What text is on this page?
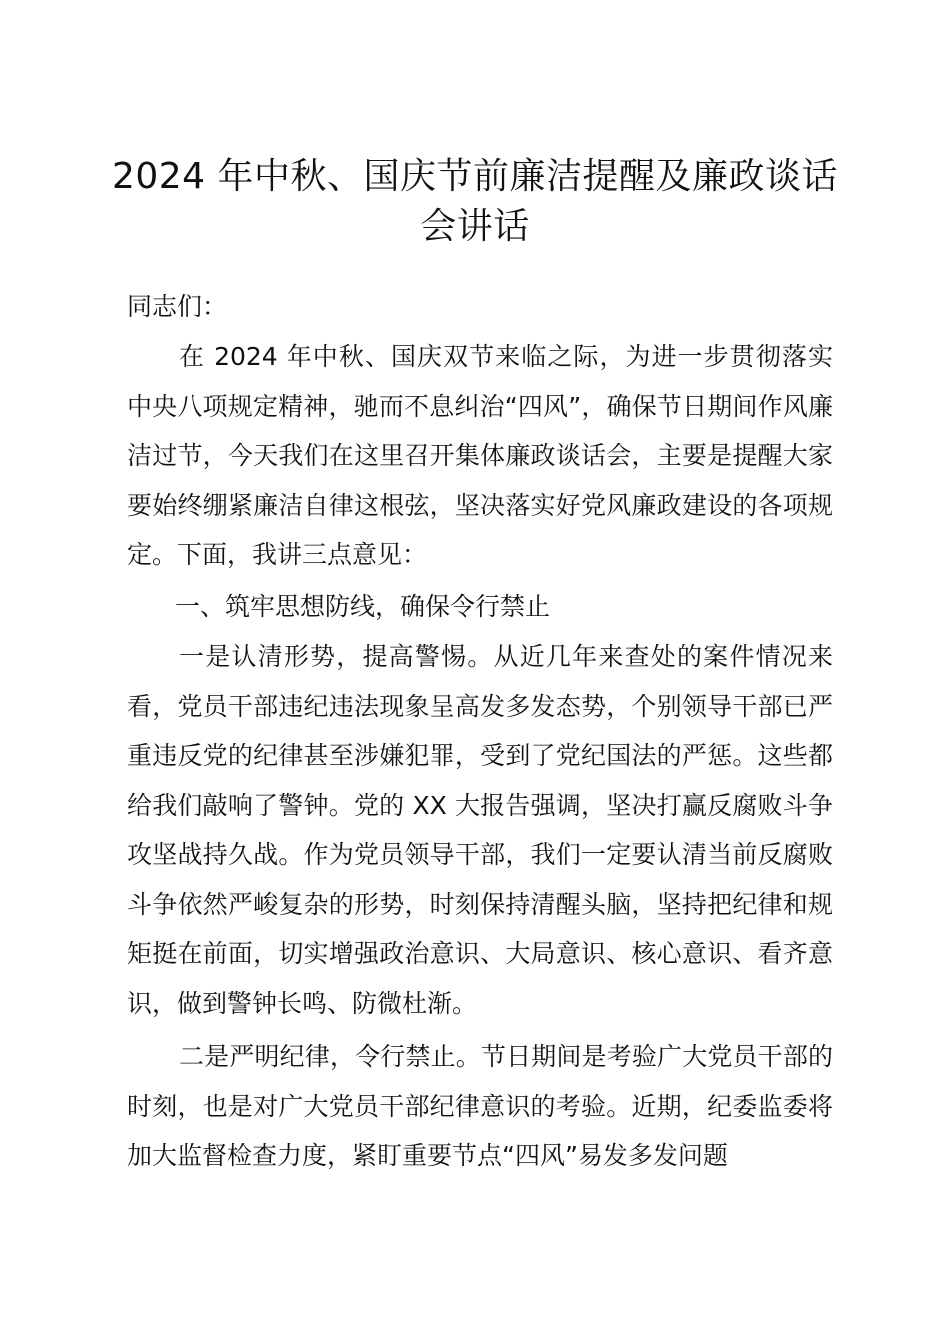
2024 年中秋、国庆节前廉洁提醒及廉政谈话会讲话

同志们：

在 2024 年中秋、国庆双节来临之际，为进一步贯彻落实中央八项规定精神，驰而不息纠治“四风”，确保节日期间作风廉洁过节，今天我们在这里召开集体廉政谈话会，主要是提醒大家要始终绷紧廉洁自律这根弦，坚决落实好党风廉政建设的各项规定。下面，我讲三点意见：

一、筑牢思想防线，确保令行禁止

一是认清形势，提高警惕。从近几年来查处的案件情况来看，党员干部违纪违法现象呈高发多发态势，个别领导干部已严重违反党的纪律甚至涉嫌犯罪，受到了党纪国法的严惩。这些都给我们敲响了警钟。党的 XX 大报告强调，坚决打赢反腐败斗争攻坚战持久战。作为党员领导干部，我们一定要认清当前反腐败斗争依然严峻复杂的形势，时刻保持清醒头脑，坚持把纪律和规矩挺在前面，切实增强政治意识、大局意识、核心意识、看齐意识，做到警钟长鸣、防微杜渐。

二是严明纪律，令行禁止。节日期间是考验广大党员干部的时刻，也是对广大党员干部纪律意识的考验。近期，纪委监委将加大监督检查力度，紧盯重要节点“四风”易发多发问题
